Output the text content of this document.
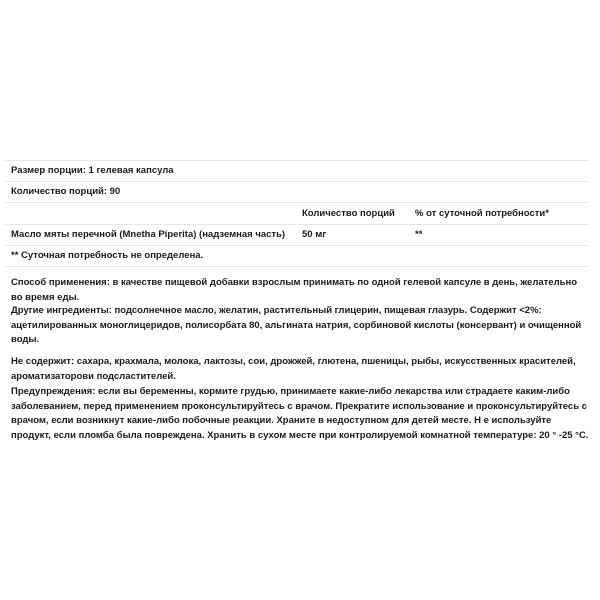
Размер порции: 1 гелевая капсула
Количество порций: 90
Количество порций % от суточной потребности*
Масло мяты перечной (Mnetha Piperita) (надземная часть) 50 мг	**
** Суточная потребность не определена.

Способ применения: в качестве пищевой добавки взрослым принимать по одной гелевой капсуле в день, желательно во время еды.

Другие ингредиенты: подсолнечное масло, желатин, растительный глицерин, пищевая глазурь. Содержит <2%: ацетилированных моноглицеридов, полисорбата 80, альгината натрия, сорбиновой кислоты (консервант) и очищенной воды.

Не содержит: сахара, крахмала, молока, лактозы, сои, дрожжей, глютена, пшеницы, рыбы, искусственных красителей, ароматизаторови подсластителей.

Предупреждения: если вы беременны, кормите грудью, принимаете какие-либо лекарства или страдаете каким-либо заболеванием, перед применением проконсультируйтесь с врачом. Прекратите использование и проконсультируйтесь с врачом, если возникнут какие-либо побочные реакции. Храните в недоступном для детей месте. Н е используйте продукт, если пломба была повреждена. Хранить в сухом месте при контролируемой комнатной температуре: 20 ° -25 °C.
